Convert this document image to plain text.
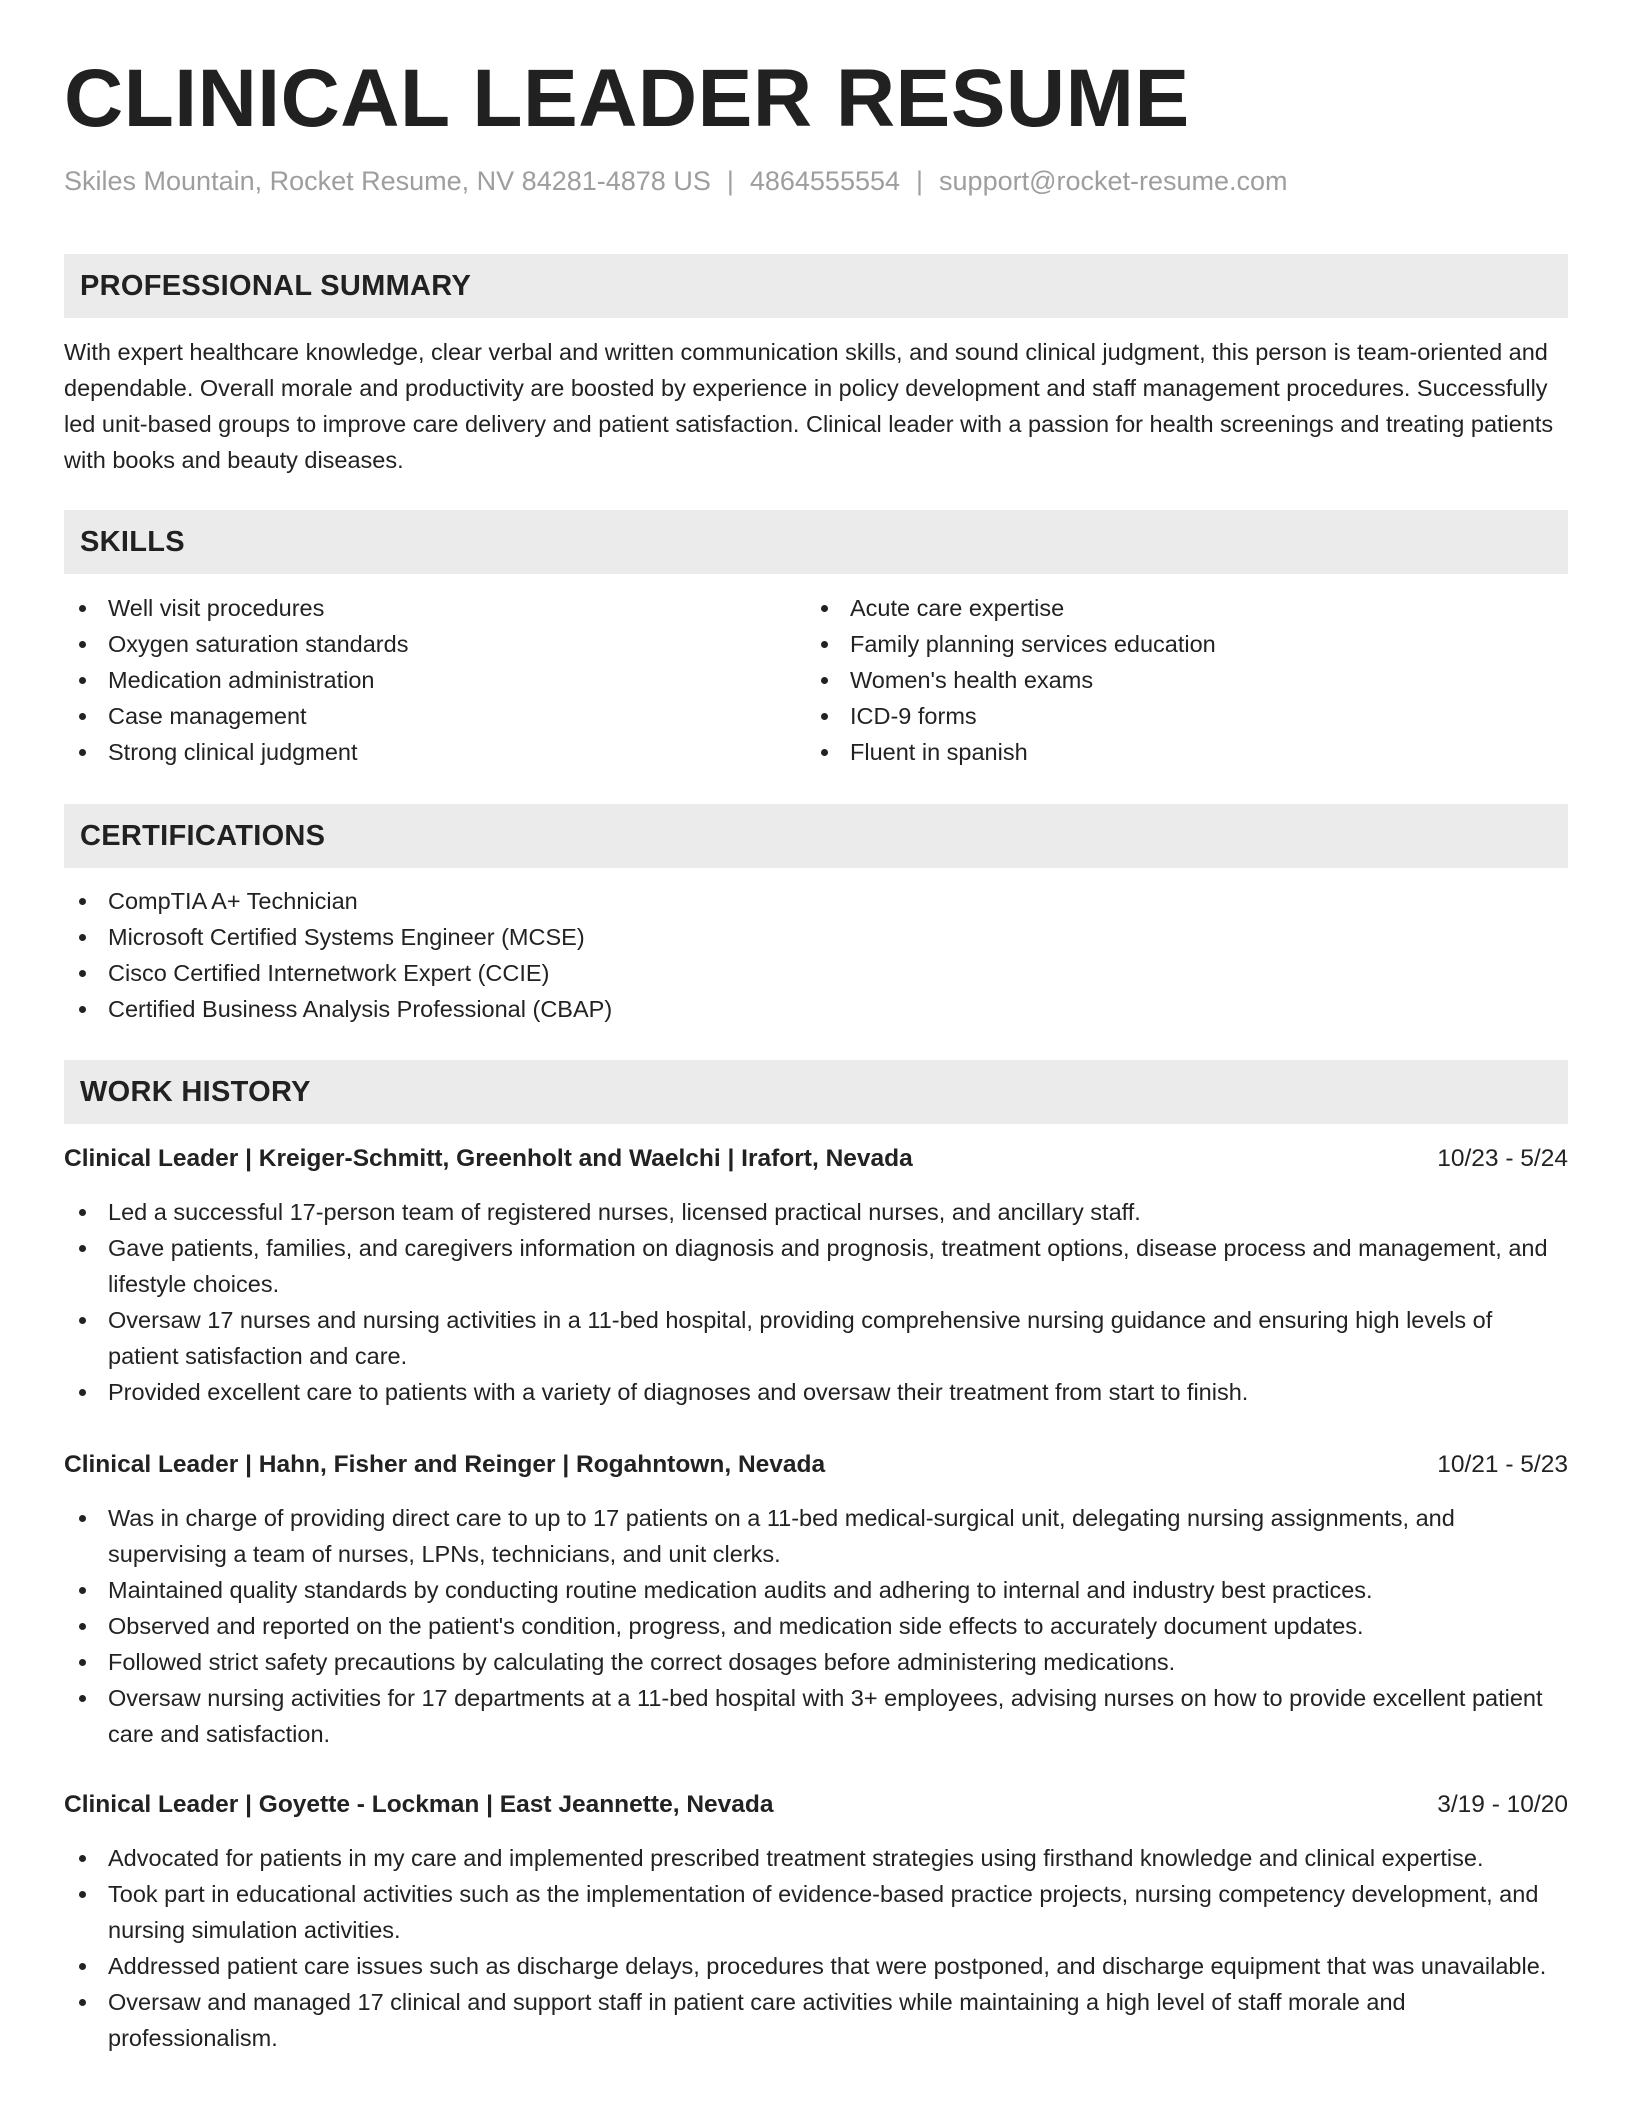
CLINICAL LEADER RESUME
Skiles Mountain, Rocket Resume, NV 84281-4878 US | 4864555554 | support@rocket-resume.com
PROFESSIONAL SUMMARY

With expert healthcare knowledge, clear verbal and written communication skills, and sound clinical judgment, this person is team-oriented and dependable. Overall morale and productivity are boosted by experience in policy development and staff management procedures. Successfully led unit-based groups to improve care delivery and patient satisfaction. Clinical leader with a passion for health screenings and treating patients with books and beauty diseases.

SKILLS
Well visit procedures
Oxygen saturation standards
Medication administration
Case management
Strong clinical judgment
Acute care expertise
Family planning services education
Women's health exams
ICD-9 forms
Fluent in spanish
CERTIFICATIONS
CompTIA A+ Technician
Microsoft Certified Systems Engineer (MCSE)
Cisco Certified Internetwork Expert (CCIE)
Certified Business Analysis Professional (CBAP)
WORK HISTORY
Clinical Leader | Kreiger-Schmitt, Greenholt and Waelchi | Irafort, Nevada	10/23 - 5/24
Led a successful 17-person team of registered nurses, licensed practical nurses, and ancillary staff.
Gave patients, families, and caregivers information on diagnosis and prognosis, treatment options, disease process and management, and lifestyle choices.
Oversaw 17 nurses and nursing activities in a 11-bed hospital, providing comprehensive nursing guidance and ensuring high levels of patient satisfaction and care.
Provided excellent care to patients with a variety of diagnoses and oversaw their treatment from start to finish.
Clinical Leader | Hahn, Fisher and Reinger | Rogahntown, Nevada	10/21 - 5/23
Was in charge of providing direct care to up to 17 patients on a 11-bed medical-surgical unit, delegating nursing assignments, and supervising a team of nurses, LPNs, technicians, and unit clerks.
Maintained quality standards by conducting routine medication audits and adhering to internal and industry best practices.
Observed and reported on the patient's condition, progress, and medication side effects to accurately document updates.
Followed strict safety precautions by calculating the correct dosages before administering medications.
Oversaw nursing activities for 17 departments at a 11-bed hospital with 3+ employees, advising nurses on how to provide excellent patient care and satisfaction.
Clinical Leader | Goyette - Lockman | East Jeannette, Nevada	3/19 - 10/20
Advocated for patients in my care and implemented prescribed treatment strategies using firsthand knowledge and clinical expertise.
Took part in educational activities such as the implementation of evidence-based practice projects, nursing competency development, and nursing simulation activities.
Addressed patient care issues such as discharge delays, procedures that were postponed, and discharge equipment that was unavailable.
Oversaw and managed 17 clinical and support staff in patient care activities while maintaining a high level of staff morale and professionalism.
